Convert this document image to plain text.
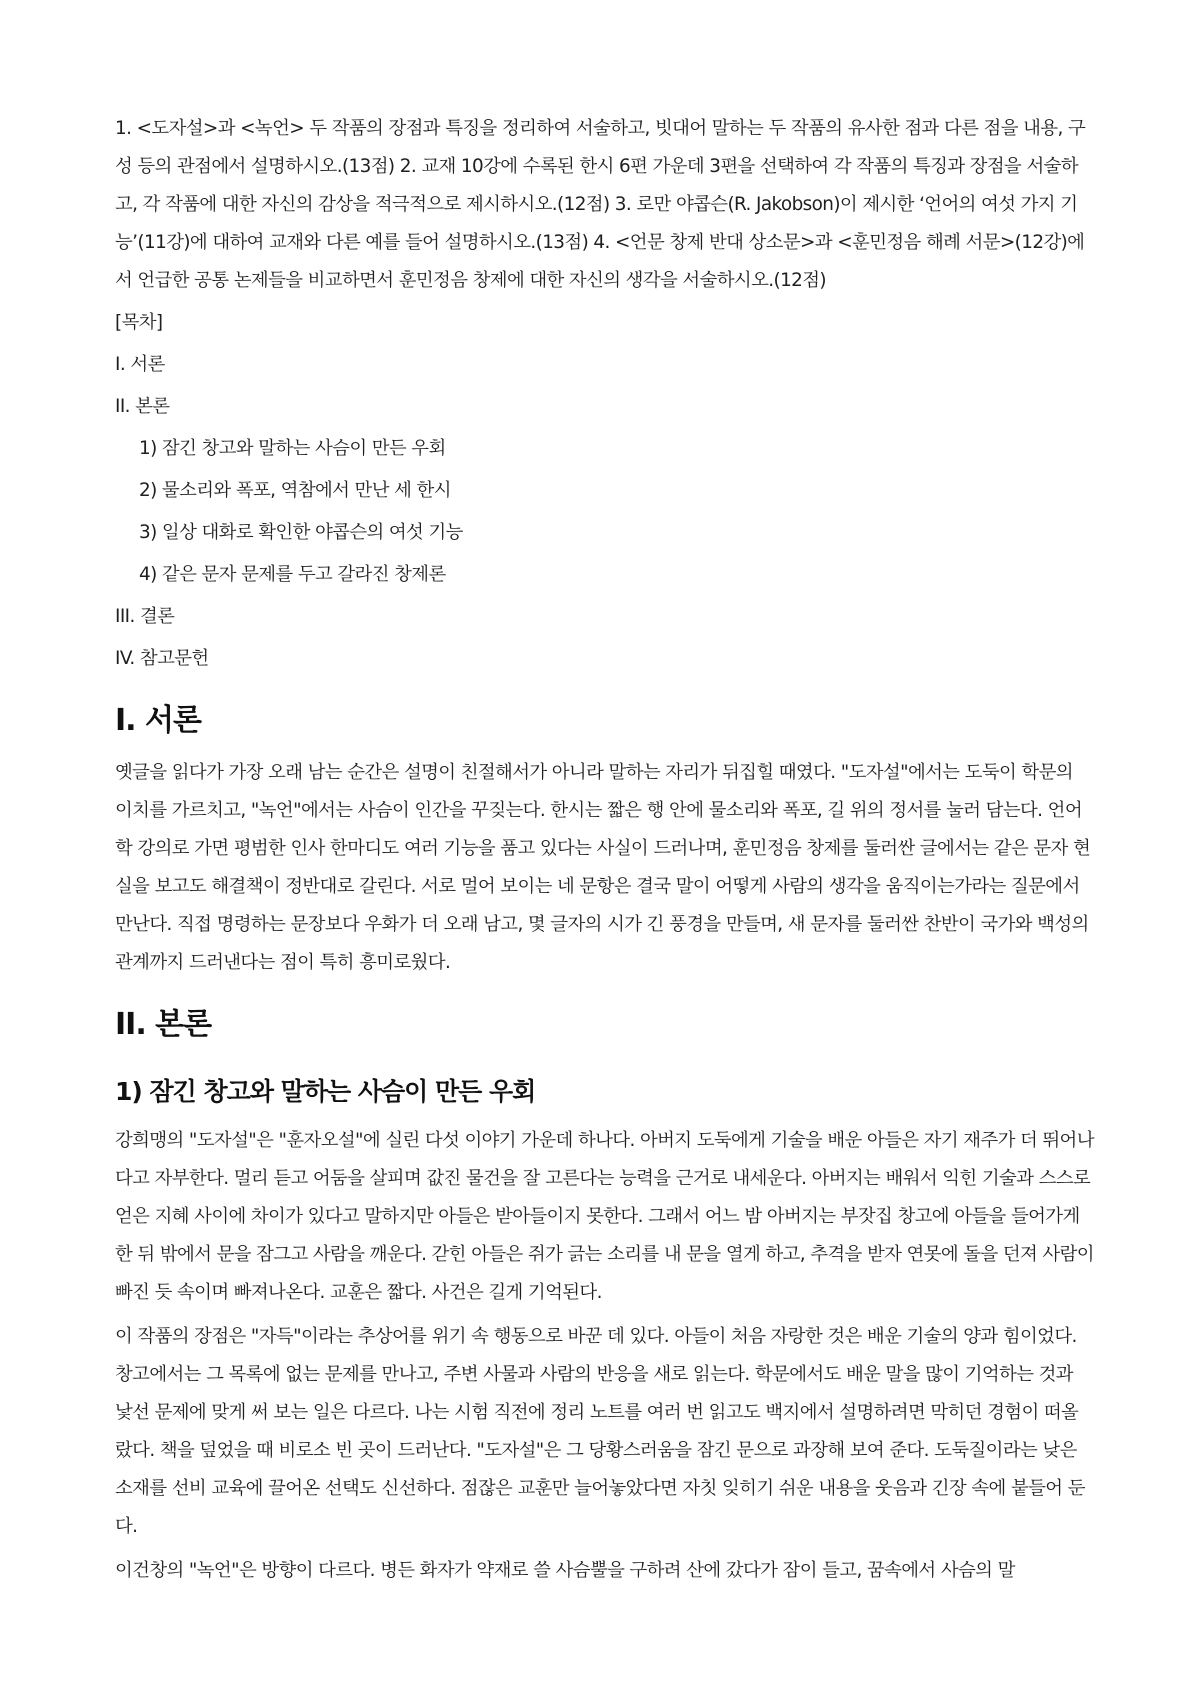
1. <도자설>과 <녹언> 두 작품의 장점과 특징을 정리하여 서술하고, 빗대어 말하는 두 작품의 유사한 점과 다른 점을 내용, 구성 등의 관점에서 설명하시오.(13점) 2. 교재 10강에 수록된 한시 6편 가운데 3편을 선택하여 각 작품의 특징과 장점을 서술하고, 각 작품에 대한 자신의 감상을 적극적으로 제시하시오.(12점) 3. 로만 야콥슨(R. Jakobson)이 제시한 ‘언어의 여섯 가지 기능’(11강)에 대하여 교재와 다른 예를 들어 설명하시오.(13점) 4. <언문 창제 반대 상소문>과 <훈민정음 해례 서문>(12강)에서 언급한 공통 논제들을 비교하면서 훈민정음 창제에 대한 자신의 생각을 서술하시오.(12점)

[목차]

I. 서론

II. 본론

1) 잠긴 창고와 말하는 사슴이 만든 우회

2) 물소리와 폭포, 역참에서 만난 세 한시

3) 일상 대화로 확인한 야콥슨의 여섯 기능

4) 같은 문자 문제를 두고 갈라진 창제론

III. 결론

IV. 참고문헌

I. 서론

옛글을 읽다가 가장 오래 남는 순간은 설명이 친절해서가 아니라 말하는 자리가 뒤집힐 때였다. "도자설"에서는 도둑이 학문의 이치를 가르치고, "녹언"에서는 사슴이 인간을 꾸짖는다. 한시는 짧은 행 안에 물소리와 폭포, 길 위의 정서를 눌러 담는다. 언어학 강의로 가면 평범한 인사 한마디도 여러 기능을 품고 있다는 사실이 드러나며, 훈민정음 창제를 둘러싼 글에서는 같은 문자 현실을 보고도 해결책이 정반대로 갈린다. 서로 멀어 보이는 네 문항은 결국 말이 어떻게 사람의 생각을 움직이는가라는 질문에서 만난다. 직접 명령하는 문장보다 우화가 더 오래 남고, 몇 글자의 시가 긴 풍경을 만들며, 새 문자를 둘러싼 찬반이 국가와 백성의 관계까지 드러낸다는 점이 특히 흥미로웠다.

II. 본론
1) 잠긴 창고와 말하는 사슴이 만든 우회

강희맹의 "도자설"은 "훈자오설"에 실린 다섯 이야기 가운데 하나다. 아버지 도둑에게 기술을 배운 아들은 자기 재주가 더 뛰어나다고 자부한다. 멀리 듣고 어둠을 살피며 값진 물건을 잘 고른다는 능력을 근거로 내세운다. 아버지는 배워서 익힌 기술과 스스로 얻은 지혜 사이에 차이가 있다고 말하지만 아들은 받아들이지 못한다. 그래서 어느 밤 아버지는 부잣집 창고에 아들을 들어가게 한 뒤 밖에서 문을 잠그고 사람을 깨운다. 갇힌 아들은 쥐가 긁는 소리를 내 문을 열게 하고, 추격을 받자 연못에 돌을 던져 사람이 빠진 듯 속이며 빠져나온다. 교훈은 짧다. 사건은 길게 기억된다.

이 작품의 장점은 "자득"이라는 추상어를 위기 속 행동으로 바꾼 데 있다. 아들이 처음 자랑한 것은 배운 기술의 양과 힘이었다. 창고에서는 그 목록에 없는 문제를 만나고, 주변 사물과 사람의 반응을 새로 읽는다. 학문에서도 배운 말을 많이 기억하는 것과 낯선 문제에 맞게 써 보는 일은 다르다. 나는 시험 직전에 정리 노트를 여러 번 읽고도 백지에서 설명하려면 막히던 경험이 떠올랐다. 책을 덮었을 때 비로소 빈 곳이 드러난다. "도자설"은 그 당황스러움을 잠긴 문으로 과장해 보여 준다. 도둑질이라는 낮은 소재를 선비 교육에 끌어온 선택도 신선하다. 점잖은 교훈만 늘어놓았다면 자칫 잊히기 쉬운 내용을 웃음과 긴장 속에 붙들어 둔다.

이건창의 "녹언"은 방향이 다르다. 병든 화자가 약재로 쓸 사슴뿔을 구하려 산에 갔다가 잠이 들고, 꿈속에서 사슴의 말
